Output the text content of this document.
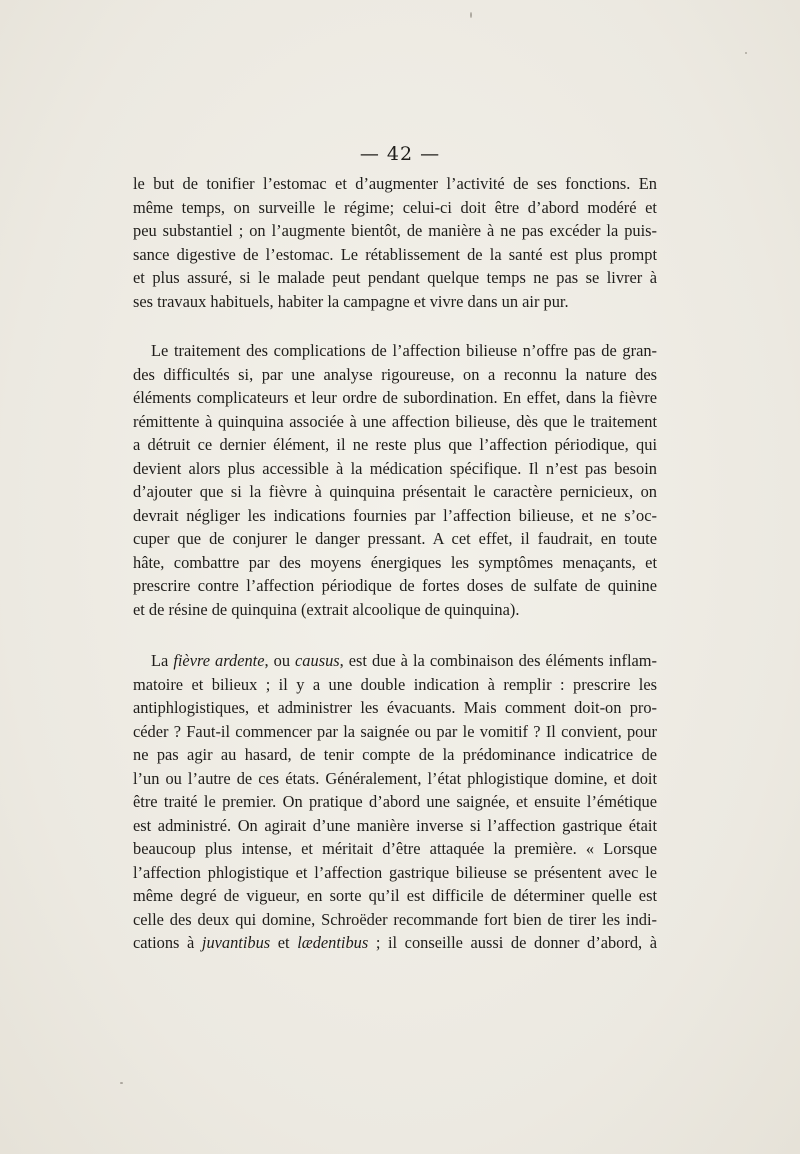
— 42 —
le but de tonifier l’estomac et d’augmenter l’activité de ses fonctions. En
même temps, on surveille le régime; celui-ci doit être d’abord modéré et
peu substantiel ; on l’augmente bientôt, de manière à ne pas excéder la puis-
sance digestive de l’estomac. Le rétablissement de la santé est plus prompt
et plus assuré, si le malade peut pendant quelque temps ne pas se livrer à
ses travaux habituels, habiter la campagne et vivre dans un air pur.
Le traitement des complications de l’affection bilieuse n’offre pas de gran-
des difficultés si, par une analyse rigoureuse, on a reconnu la nature des
éléments complicateurs et leur ordre de subordination. En effet, dans la fièvre
rémittente à quinquina associée à une affection bilieuse, dès que le traitement
a détruit ce dernier élément, il ne reste plus que l’affection périodique, qui
devient alors plus accessible à la médication spécifique. Il n’est pas besoin
d’ajouter que si la fièvre à quinquina présentait le caractère pernicieux, on
devrait négliger les indications fournies par l’affection bilieuse, et ne s’oc-
cuper que de conjurer le danger pressant. A cet effet, il faudrait, en toute
hâte, combattre par des moyens énergiques les symptômes menaçants, et
prescrire contre l’affection périodique de fortes doses de sulfate de quinine
et de résine de quinquina (extrait alcoolique de quinquina).
La fièvre ardente, ou causus, est due à la combinaison des éléments inflam-
matoire et bilieux ; il y a une double indication à remplir : prescrire les
antiphlogistiques, et administrer les évacuants. Mais comment doit-on pro-
céder ? Faut-il commencer par la saignée ou par le vomitif ? Il convient, pour
ne pas agir au hasard, de tenir compte de la prédominance indicatrice de
l’un ou l’autre de ces états. Généralement, l’état phlogistique domine, et doit
être traité le premier. On pratique d’abord une saignée, et ensuite l’émétique
est administré. On agirait d’une manière inverse si l’affection gastrique était
beaucoup plus intense, et méritait d’être attaquée la première. « Lorsque
l’affection phlogistique et l’affection gastrique bilieuse se présentent avec le
même degré de vigueur, en sorte qu’il est difficile de déterminer quelle est
celle des deux qui domine, Schroëder recommande fort bien de tirer les indi-
cations à juvantibus et lædentibus ; il conseille aussi de donner d’abord, à
